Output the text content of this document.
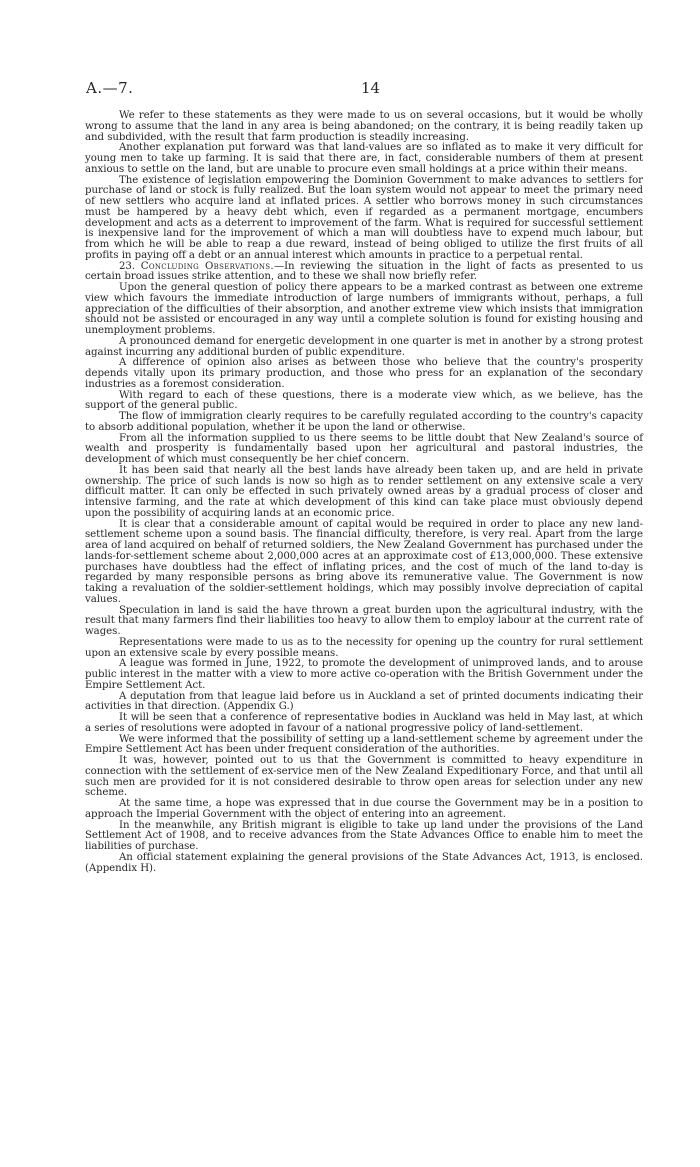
A.—7.	14

We refer to these statements as they were made to us on several occasions, but it would be wholly wrong to assume that the land in any area is being abandoned; on the contrary, it is being readily taken up and subdivided, with the result that farm production is steadily increasing.

Another explanation put forward was that land-values are so inflated as to make it very difficult for young men to take up farming. It is said that there are, in fact, considerable numbers of them at present anxious to settle on the land, but are unable to procure even small holdings at a price within their means.

The existence of legislation empowering the Dominion Government to make advances to settlers for purchase of land or stock is fully realized. But the loan system would not appear to meet the primary need of new settlers who acquire land at inflated prices. A settler who borrows money in such circumstances must be hampered by a heavy debt which, even if regarded as a permanent mortgage, encumbers development and acts as a deterrent to improvement of the farm. What is required for successful settlement is inexpensive land for the improvement of which a man will doubtless have to expend much labour, but from which he will be able to reap a due reward, instead of being obliged to utilize the first fruits of all profits in paying off a debt or an annual interest which amounts in practice to a perpetual rental.

23. Concluding Observations.—In reviewing the situation in the light of facts as presented to us certain broad issues strike attention, and to these we shall now briefly refer.

Upon the general question of policy there appears to be a marked contrast as between one extreme view which favours the immediate introduction of large numbers of immigrants without, perhaps, a full appreciation of the difficulties of their absorption, and another extreme view which insists that immigration should not be assisted or encouraged in any way until a complete solution is found for existing housing and unemployment problems.

A pronounced demand for energetic development in one quarter is met in another by a strong protest against incurring any additional burden of public expenditure.

A difference of opinion also arises as between those who believe that the country's prosperity depends vitally upon its primary production, and those who press for an explanation of the secondary industries as a foremost consideration.

With regard to each of these questions, there is a moderate view which, as we believe, has the support of the general public.

The flow of immigration clearly requires to be carefully regulated according to the country's capacity to absorb additional population, whether it be upon the land or otherwise.

From all the information supplied to us there seems to be little doubt that New Zealand's source of wealth and prosperity is fundamentally based upon her agricultural and pastoral industries, the development of which must consequently be her chief concern.

It has been said that nearly all the best lands have already been taken up, and are held in private ownership. The price of such lands is now so high as to render settlement on any extensive scale a very difficult matter. It can only be effected in such privately owned areas by a gradual process of closer and intensive farming, and the rate at which development of this kind can take place must obviously depend upon the possibility of acquiring lands at an economic price.

It is clear that a considerable amount of capital would be required in order to place any new land-settlement scheme upon a sound basis. The financial difficulty, therefore, is very real. Apart from the large area of land acquired on behalf of returned soldiers, the New Zealand Government has purchased under the lands-for-settlement scheme about 2,000,000 acres at an approximate cost of £13,000,000. These extensive purchases have doubtless had the effect of inflating prices, and the cost of much of the land to-day is regarded by many responsible persons as bring above its remunerative value. The Government is now taking a revaluation of the soldier-settlement holdings, which may possibly involve depreciation of capital values.

Speculation in land is said the have thrown a great burden upon the agricultural industry, with the result that many farmers find their liabilities too heavy to allow them to employ labour at the current rate of wages.

Representations were made to us as to the necessity for opening up the country for rural settlement upon an extensive scale by every possible means.

A league was formed in June, 1922, to promote the development of unimproved lands, and to arouse public interest in the matter with a view to more active co-operation with the British Government under the Empire Settlement Act.

A deputation from that league laid before us in Auckland a set of printed documents indicating their activities in that direction. (Appendix G.)

It will be seen that a conference of representative bodies in Auckland was held in May last, at which a series of resolutions were adopted in favour of a national progressive policy of land-settlement.

We were informed that the possibility of setting up a land-settlement scheme by agreement under the Empire Settlement Act has been under frequent consideration of the authorities.

It was, however, pointed out to us that the Government is committed to heavy expenditure in connection with the settlement of ex-service men of the New Zealand Expeditionary Force, and that until all such men are provided for it is not considered desirable to throw open areas for selection under any new scheme.

At the same time, a hope was expressed that in due course the Government may be in a position to approach the Imperial Government with the object of entering into an agreement.

In the meanwhile, any British migrant is eligible to take up land under the provisions of the Land Settlement Act of 1908, and to receive advances from the State Advances Office to enable him to meet the liabilities of purchase.

An official statement explaining the general provisions of the State Advances Act, 1913, is enclosed. (Appendix H).
